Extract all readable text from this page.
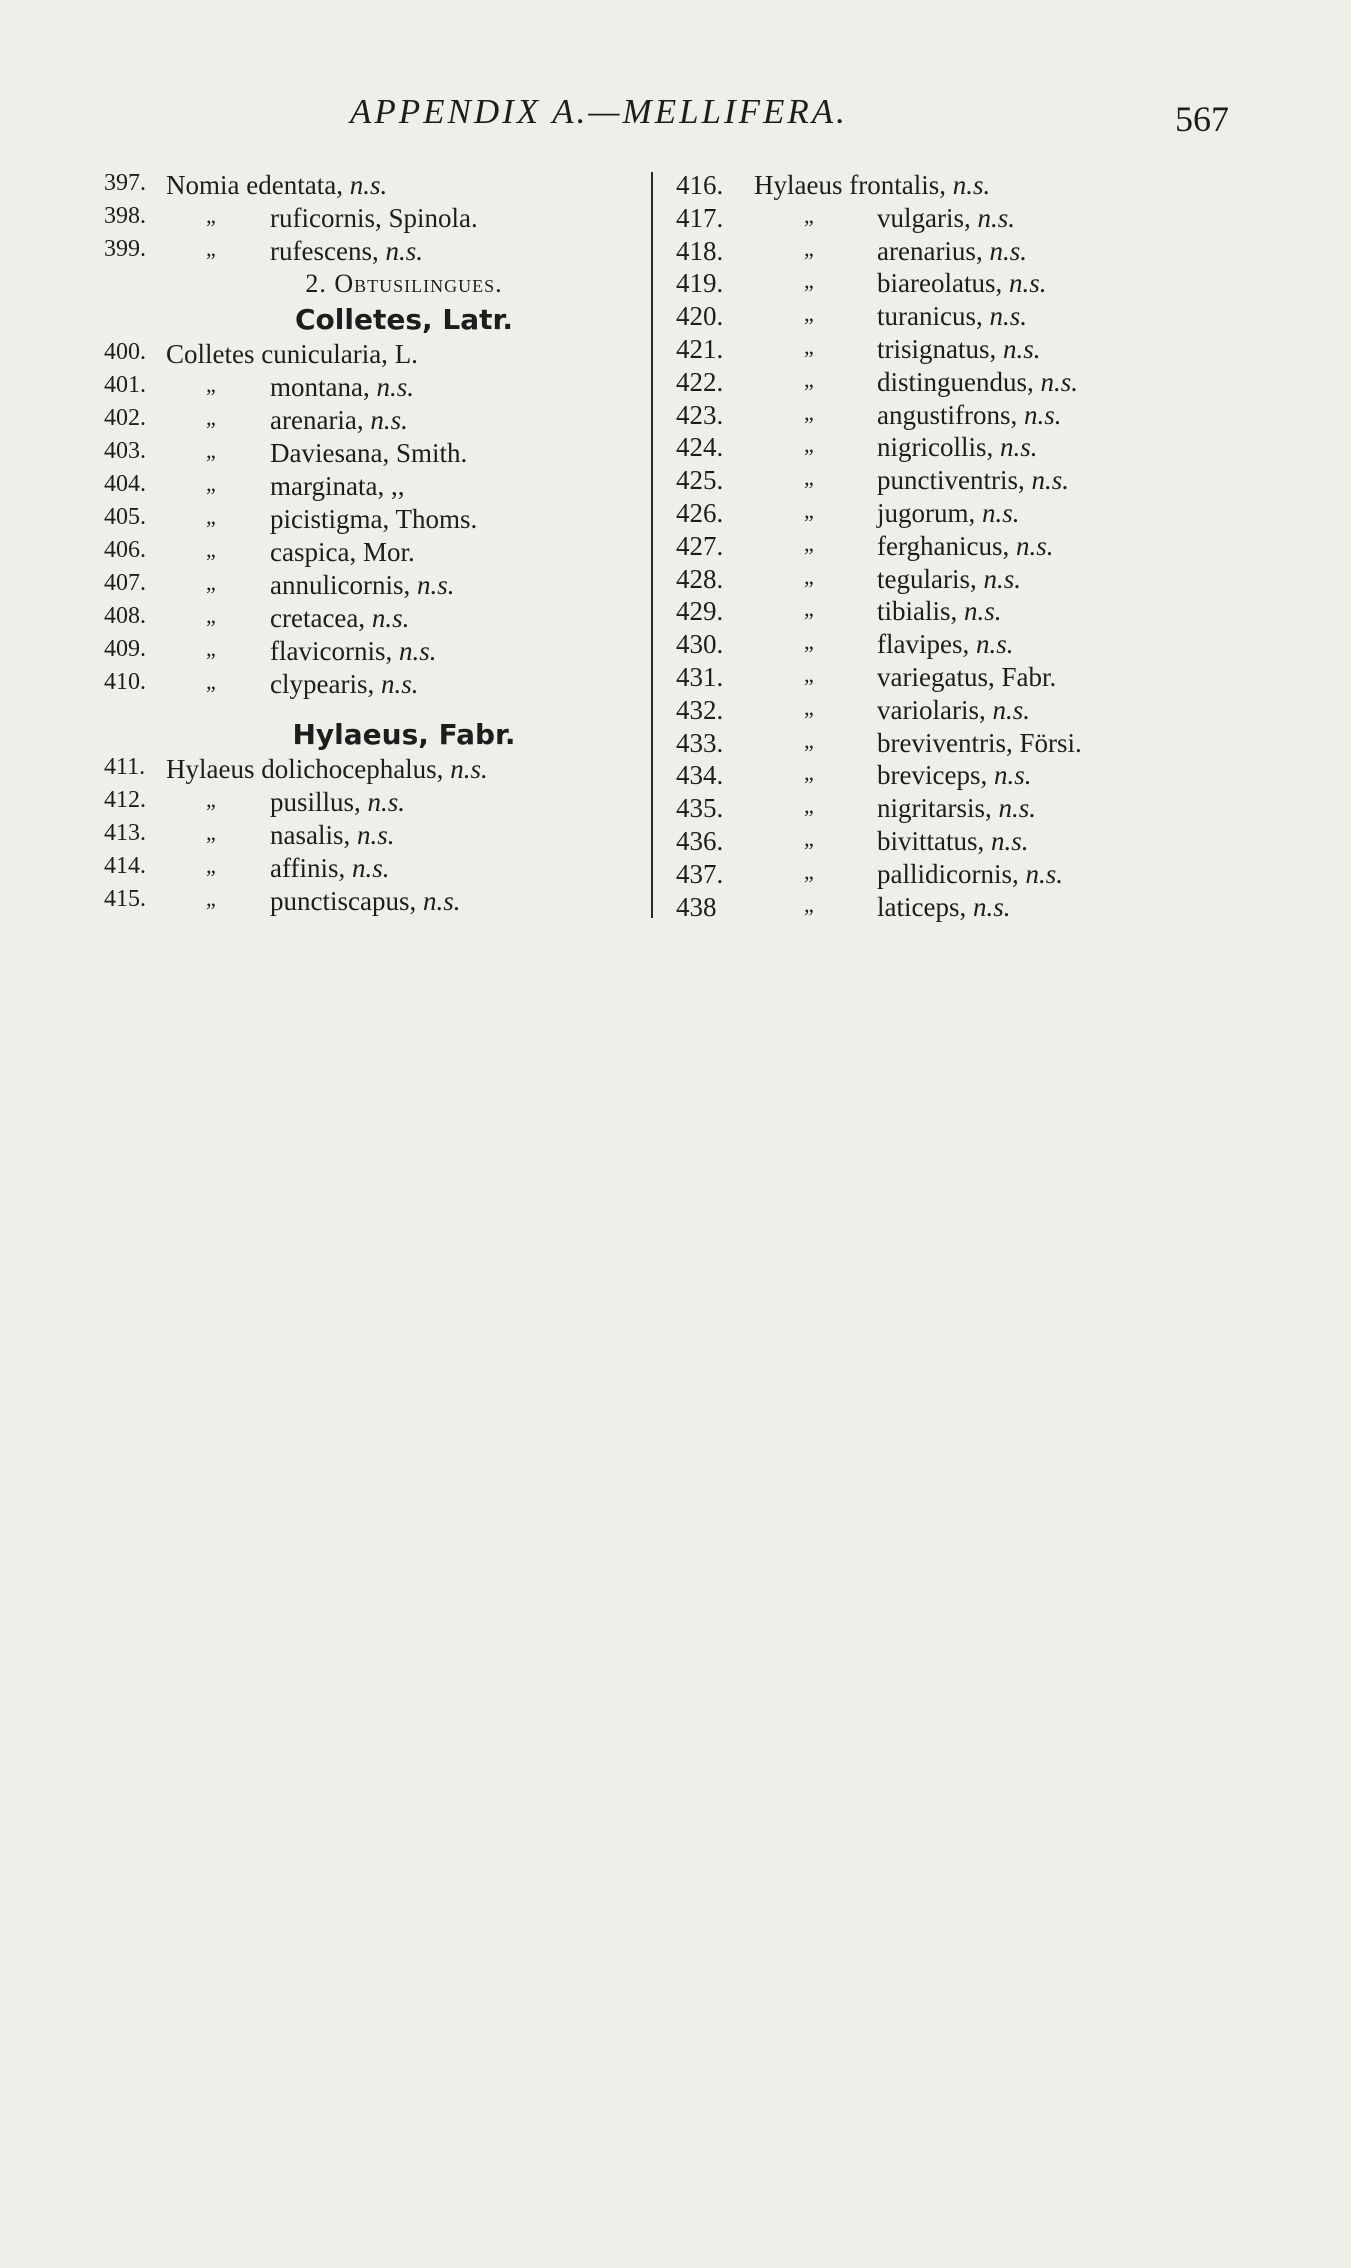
APPENDIX A.—MELLIFERA.	567
397. Nomia edentata, n.s.
398.	„ ruficornis, Spinola.
399.	„ rufescens, n.s.
2. Obtusilingues.
Colletes, Latr.
400. Colletes cunicularia, L.
401.	„ montana, n.s.
402.	„ arenaria, n.s.
403.	„ Daviesana, Smith.
404.	„ marginata, ,,
405.	„ picistigma, Thoms.
406.	„ caspica, Mor.
407.	„ annulicornis, n.s.
408.	„ cretacea, n.s.
409.	„ flavicornis, n.s.
410.	„ clypearis, n.s.
Hylaeus, Fabr.
411. Hylaeus dolichocephalus, n.s.
412.	„ pusillus, n.s.
413.	„ nasalis, n.s.
414.	„ affinis, n.s.
415.	„ punctiscapus, n.s.
416. Hylaeus frontalis, n.s.
417.	„ vulgaris, n.s.
418.	„ arenarius, n.s.
419.	„ biareolatus, n.s.
420.	„ turanicus, n.s.
421.	„ trisignatus, n.s.
422.	„ distinguendus, n.s.
423.	„ angustifrons, n.s.
424.	„ nigricollis, n.s.
425.	„ punctiventris, n.s.
426.	„ jugorum, n.s.
427.	„ ferghanicus, n.s.
428.	„ tegularis, n.s.
429.	„ tibialis, n.s.
430.	„ flavipes, n.s.
431.	„ variegatus, Fabr.
432.	„ variolaris, n.s.
433.	„ breviventris, Försi.
434.	„ breviceps, n.s.
435.	„ nigritarsis, n.s.
436.	„ bivittatus, n.s.
437.	„ pallidicornis, n.s.
438	„ laticeps, n.s.
